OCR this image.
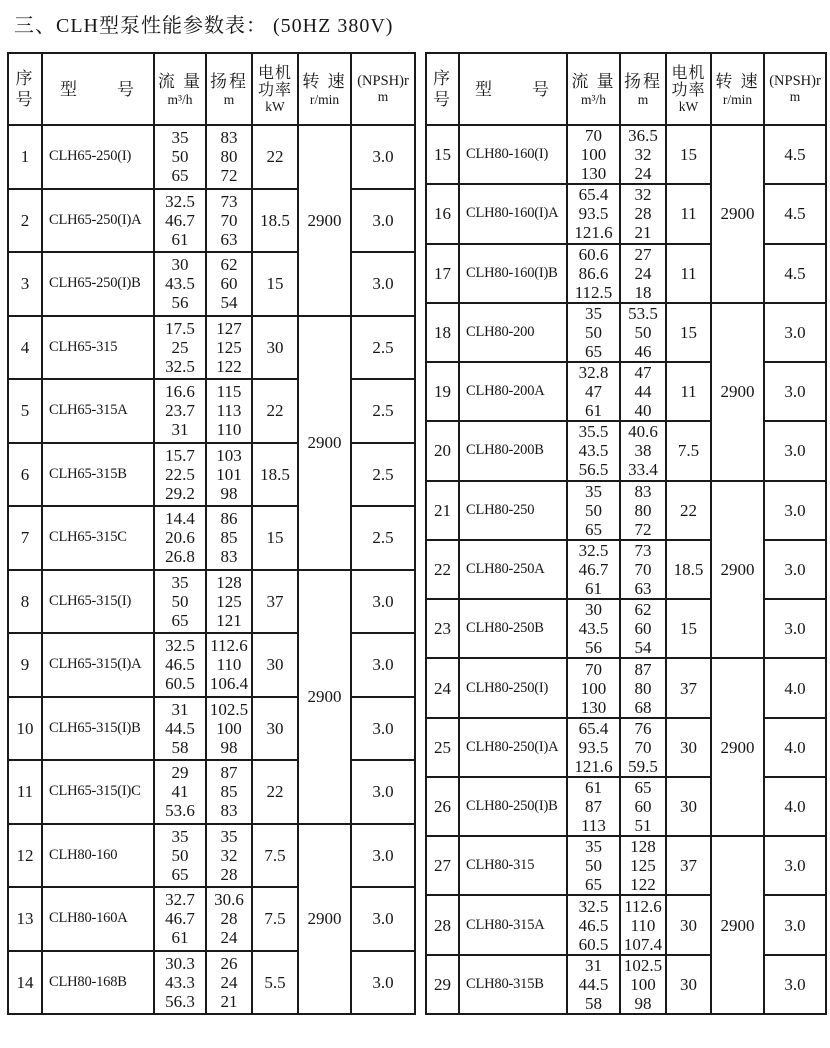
三、CLH型泵性能参数表： (50HZ 380V)
序
号
	型　　号	流 量
m³/h

扬程
m

电机
功率
kW

转 速
r/min

(NPSH)r
m

1	CLH65-250(I)	
35
50
65

83
80
72
	22	2900	3.0
2	CLH65-250(I)A	
32.5
46.7
61

73
70
63
	18.5	3.0
3	CLH65-250(I)B	
30
43.5
56

62
60
54
	15	3.0
4	CLH65-315	
17.5
25
32.5

127
125
122
	30	2900	2.5
5	CLH65-315A	
16.6
23.7
31

115
113
110
	22	2.5
6	CLH65-315B	
15.7
22.5
29.2

103
101
98
	18.5	2.5
7	CLH65-315C	
14.4
20.6
26.8

86
85
83
	15	2.5
8	CLH65-315(I)	
35
50
65

128
125
121
	37	2900	3.0
9	CLH65-315(I)A	
32.5
46.5
60.5

112.6
110
106.4
	30	3.0
10	CLH65-315(I)B	
31
44.5
58

102.5
100
98
	30	3.0
11	CLH65-315(I)C	
29
41
53.6

87
85
83
	22	3.0
12	CLH80-160	
35
50
65

35
32
28
	7.5	2900	3.0
13	CLH80-160A	
32.7
46.7
61

30.6
28
24
	7.5	3.0
14	CLH80-168B	
30.3
43.3
56.3

26
24
21
	5.5	3.0
序
号
	型　　号	流 量
m³/h

扬程
m

电机
功率
kW

转 速
r/min

(NPSH)r
m

15	CLH80-160(I)	
70
100
130

36.5
32
24
	15	2900	4.5
16	CLH80-160(I)A	
65.4
93.5
121.6

32
28
21
	11	4.5
17	CLH80-160(I)B	
60.6
86.6
112.5

27
24
18
	11	4.5
18	CLH80-200	
35
50
65

53.5
50
46
	15	2900	3.0
19	CLH80-200A	
32.8
47
61

47
44
40
	11	3.0
20	CLH80-200B	
35.5
43.5
56.5

40.6
38
33.4
	7.5	3.0
21	CLH80-250	
35
50
65

83
80
72
	22	2900	3.0
22	CLH80-250A	
32.5
46.7
61

73
70
63
	18.5	3.0
23	CLH80-250B	
30
43.5
56

62
60
54
	15	3.0
24	CLH80-250(I)	
70
100
130

87
80
68
	37	2900	4.0
25	CLH80-250(I)A	
65.4
93.5
121.6

76
70
59.5
	30	4.0
26	CLH80-250(I)B	
61
87
113

65
60
51
	30	4.0
27	CLH80-315	
35
50
65

128
125
122
	37	2900	3.0
28	CLH80-315A	
32.5
46.5
60.5

112.6
110
107.4
	30	3.0
29	CLH80-315B	
31
44.5
58

102.5
100
98
	30	3.0
